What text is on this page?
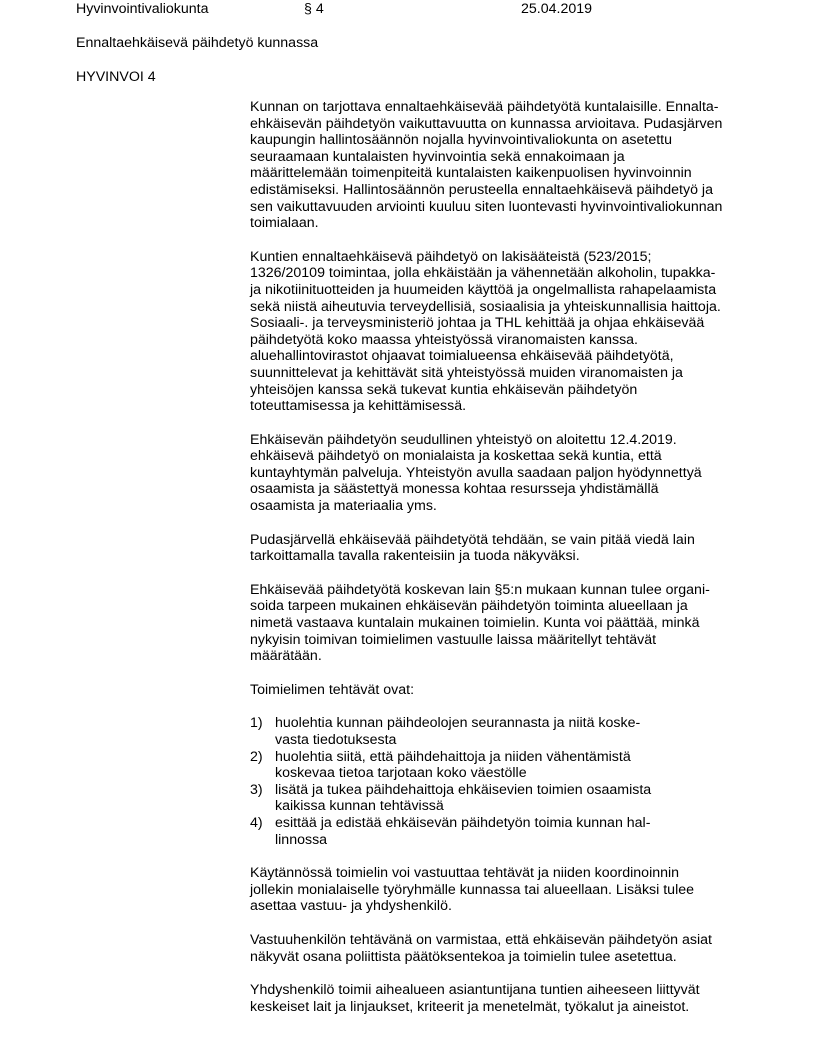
Hyvinvointivaliokunta	§ 4	25.04.2019
Ennaltaehkäisevä päihdetyö kunnassa
HYVINVOI 4

Kunnan on tarjottava ennaltaehkäisevää päihdetyötä kuntalaisille. Ennalta-
ehkäisevän päihdetyön vaikuttavuutta on kunnassa arvioitava. Pudasjärven
kaupungin hallintosäännön nojalla hyvinvointivaliokunta on asetettu
seuraamaan kuntalaisten hyvinvointia sekä ennakoimaan ja
määrittelemään toimenpiteitä kuntalaisten kaikenpuolisen hyvinvoinnin
edistämiseksi. Hallintosäännön perusteella ennaltaehkäisevä päihdetyö ja
sen vaikuttavuuden arviointi kuuluu siten luontevasti hyvinvointivaliokunnan
toimialaan.

Kuntien ennaltaehkäisevä päihdetyö on lakisääteistä (523/2015;
1326/20109 toimintaa, jolla ehkäistään ja vähennetään alkoholin, tupakka-
ja nikotiinituotteiden ja huumeiden käyttöä ja ongelmallista rahapelaamista
sekä niistä aiheutuvia terveydellisiä, sosiaalisia ja yhteiskunnallisia haittoja.
Sosiaali-. ja terveysministeriö johtaa ja THL kehittää ja ohjaa ehkäisevää
päihdetyötä koko maassa yhteistyössä viranomaisten kanssa.
aluehallintovirastot ohjaavat toimialueensa ehkäisevää päihdetyötä,
suunnittelevat ja kehittävät sitä yhteistyössä muiden viranomaisten ja
yhteisöjen kanssa sekä tukevat kuntia ehkäisevän päihdetyön
toteuttamisessa ja kehittämisessä.

Ehkäisevän päihdetyön seudullinen yhteistyö on aloitettu 12.4.2019.
ehkäisevä päihdetyö on monialaista ja koskettaa sekä kuntia, että
kuntayhtymän palveluja. Yhteistyön avulla saadaan paljon hyödynnettyä
osaamista ja säästettyä monessa kohtaa resursseja yhdistämällä
osaamista ja materiaalia yms.

Pudasjärvellä ehkäisevää päihdetyötä tehdään, se vain pitää viedä lain
tarkoittamalla tavalla rakenteisiin ja tuoda näkyväksi.

Ehkäisevää päihdetyötä koskevan lain §5:n mukaan kunnan tulee organi-
soida tarpeen mukainen ehkäisevän päihdetyön toiminta alueellaan ja
nimetä vastaava kuntalain mukainen toimielin. Kunta voi päättää, minkä
nykyisin toimivan toimielimen vastuulle laissa määritellyt tehtävät
määrätään.

Toimielimen tehtävät ovat:

1) huolehtia kunnan päihdeolojen seurannasta ja niitä koske-
vasta tiedotuksesta
2) huolehtia siitä, että päihdehaittoja ja niiden vähentämistä
koskevaa tietoa tarjotaan koko väestölle
3) lisätä ja tukea päihdehaittoja ehkäisevien toimien osaamista
kaikissa kunnan tehtävissä
4) esittää ja edistää ehkäisevän päihdetyön toimia kunnan hal-
linnossa

Käytännössä toimielin voi vastuuttaa tehtävät ja niiden koordinoinnin
jollekin monialaiselle työryhmälle kunnassa tai alueellaan. Lisäksi tulee
asettaa vastuu- ja yhdyshenkilö.

Vastuuhenkilön tehtävänä on varmistaa, että ehkäisevän päihdetyön asiat
näkyvät osana poliittista päätöksentekoa ja toimielin tulee asetettua.

Yhdyshenkilö toimii aihealueen asiantuntijana tuntien aiheeseen liittyvät
keskeiset lait ja linjaukset, kriteerit ja menetelmät, työkalut ja aineistot.
